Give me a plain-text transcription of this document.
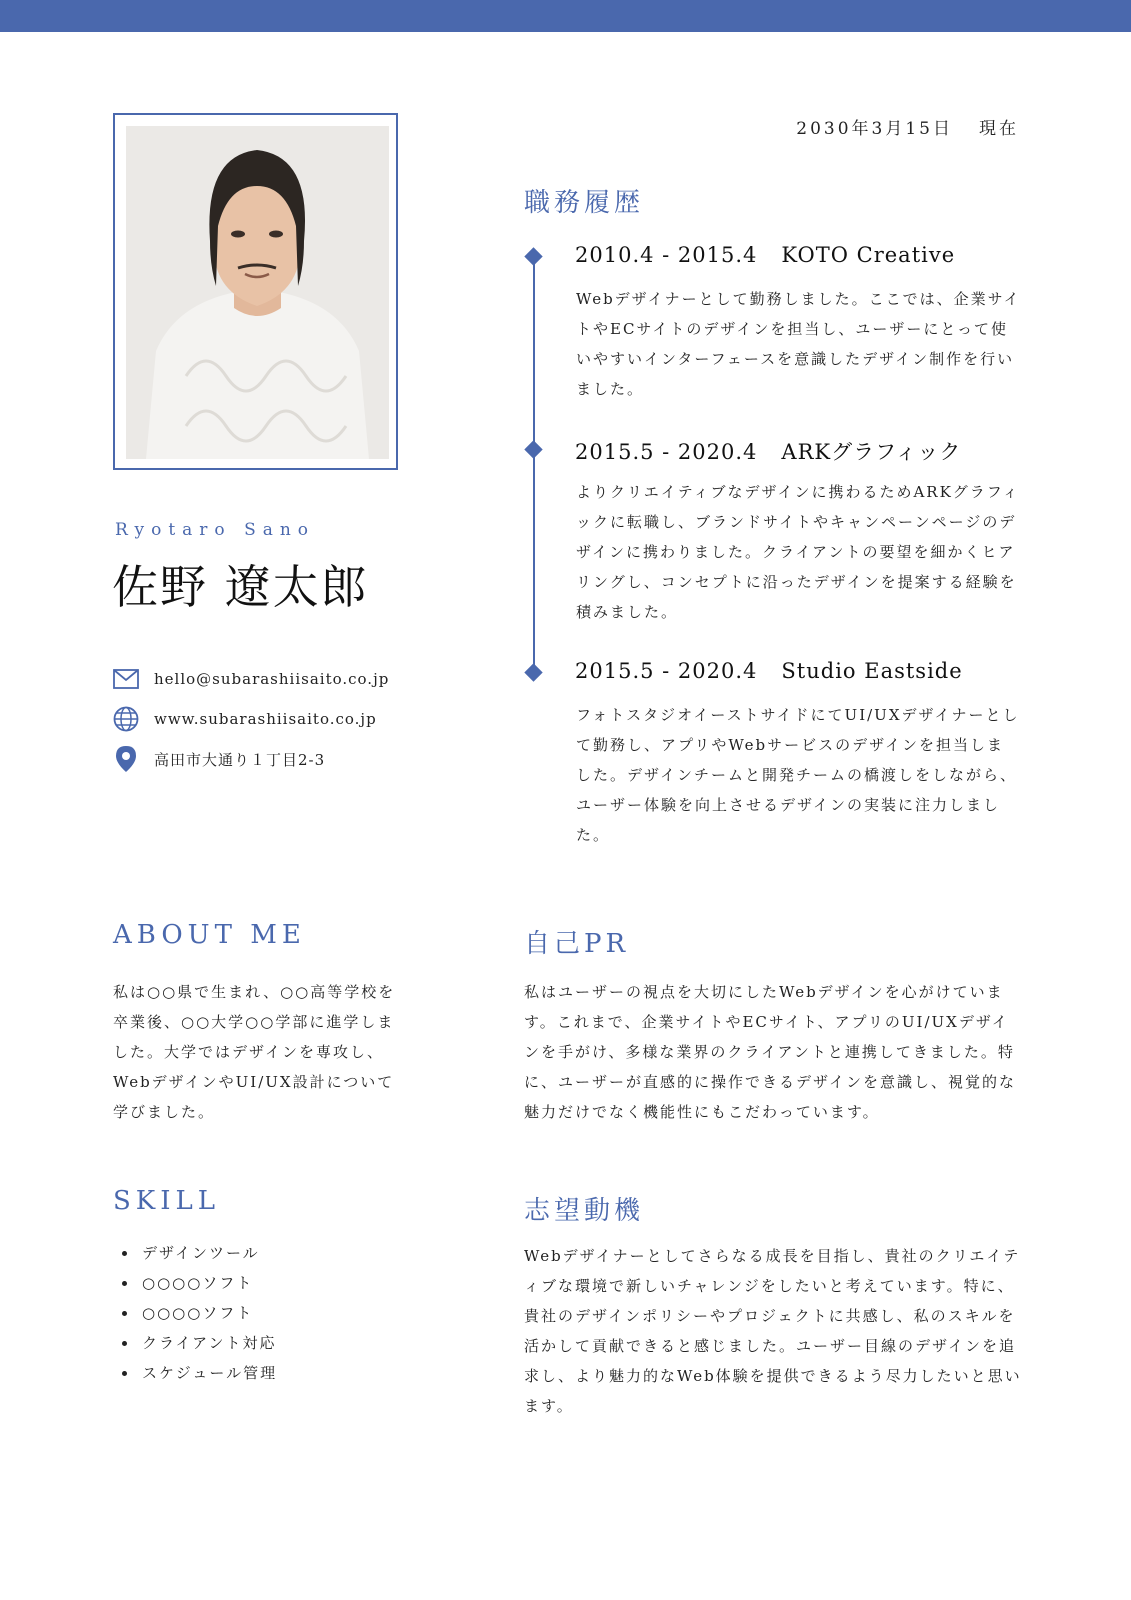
2030年3月15日 現在
Ryotaro Sano
佐野 遼太郎
hello@subarashiisaito.co.jp
www.subarashiisaito.co.jp
高田市大通り１丁目2-3
職務履歴
2010.4 - 2015.4 KOTO Creative
Webデザイナーとして勤務しました。ここでは、企業サイトやECサイトのデザインを担当し、ユーザーにとって使いやすいインターフェースを意識したデザイン制作を行いました。
2015.5 - 2020.4 ARKグラフィック
よりクリエイティブなデザインに携わるためARKグラフィックに転職し、ブランドサイトやキャンペーンページのデザインに携わりました。クライアントの要望を細かくヒアリングし、コンセプトに沿ったデザインを提案する経験を積みました。
2015.5 - 2020.4 Studio Eastside
フォトスタジオイーストサイドにてUI/UXデザイナーとして勤務し、アプリやWebサービスのデザインを担当しました。デザインチームと開発チームの橋渡しをしながら、ユーザー体験を向上させるデザインの実装に注力しました。
ABOUT ME
私は○○県で生まれ、○○高等学校を卒業後、○○大学○○学部に進学しました。大学ではデザインを専攻し、WebデザインやUI/UX設計について学びました。
自己PR
私はユーザーの視点を大切にしたWebデザインを心がけています。これまで、企業サイトやECサイト、アプリのUI/UXデザインを手がけ、多様な業界のクライアントと連携してきました。特に、ユーザーが直感的に操作できるデザインを意識し、視覚的な魅力だけでなく機能性にもこだわっています。
SKILL
デザインツール
○○○○ソフト
○○○○ソフト
クライアント対応
スケジュール管理
志望動機
Webデザイナーとしてさらなる成長を目指し、貴社のクリエイティブな環境で新しいチャレンジをしたいと考えています。特に、貴社のデザインポリシーやプロジェクトに共感し、私のスキルを活かして貢献できると感じました。ユーザー目線のデザインを追求し、より魅力的なWeb体験を提供できるよう尽力したいと思います。
